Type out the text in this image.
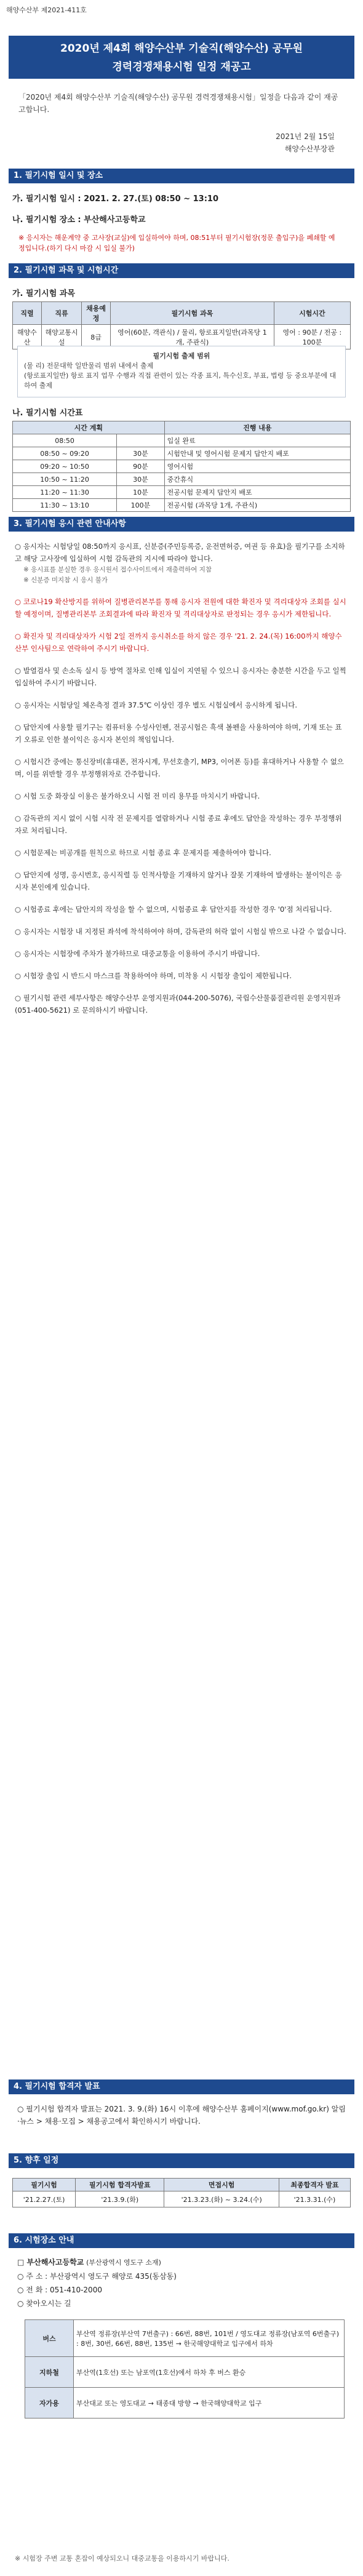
해양수산부 제2021-411호
2020년 제4회 해양수산부 기술직(해양수산) 공무원
경력경쟁채용시험 일정 재공고
「2020년 제4회 해양수산부 기술직(해양수산) 공무원 경력경쟁채용시험」일정을 다음과 같이 재공고합니다.
2021년 2월 15일
해양수산부장관
1. 필기시험 일시 및 장소
가. 필기시험 일시 : 2021. 2. 27.(토) 08:50 ~ 13:10
나. 필기시험 장소 : 부산해사고등학교
※ 응시자는 해운계약 중 고사장(교실)에 입실하여야 하며, 08:51부터 필기시험장(정문 출입구)을 폐쇄할 예정입니다.(하기 다시 마감 시 입실 불가)
2. 필기시험 과목 및 시험시간
가. 필기시험 과목
직렬	직류	채용예정	필기시험 과목	시험시간
해양수산	해양교통시설	8급	영어(60분, 객관식) / 물리, 항로표지일반(과목당 1개, 주관식)	영어 : 90분 / 전공 : 100분
필기시험 출제 범위
(물 리) 전문대학 일반물리 범위 내에서 출제
(항로표지일반) 항로 표지 업무 수행과 직접 관련이 있는 각종 표지, 특수신호, 부표, 법령 등 중요부분에 대하여 출제
나. 필기시험 시간표
시간 계획		진행 내용
08:50		입실 완료
08:50 ~ 09:20	30분	시험안내 및 영어시험 문제지 답안지 배포
09:20 ~ 10:50	90분	영어시험
10:50 ~ 11:20	30분	중간휴식
11:20 ~ 11:30	10분	전공시험 문제지 답안지 배포
11:30 ~ 13:10	100분	전공시험 (과목당 1개, 주관식)
3. 필기시험 응시 관련 안내사항
○ 응시자는 시험당일 08:50까지 응시표, 신분증(주민등록증, 운전면허증, 여권 등 유효)을 필기구를 소지하고 해당 고사장에 입실하여 시험 감독관의 지시에 따라야 합니다.
※ 응시표를 분실한 경우 응시원서 접수사이트에서 재출력하여 지참
※ 신분증 미지참 시 응시 불가
○ 코로나19 확산방지를 위하여 질병관리본부를 통해 응시자 전원에 대한 확진자 및 격리대상자 조회를 실시할 예정이며, 질병관리본부 조회결과에 따라 확진자 및 격리대상자로 판정되는 경우 응시가 제한됩니다.
○ 확진자 및 격리대상자가 시험 2일 전까지 응시취소를 하지 않은 경우 '21. 2. 24.(목) 16:00까지 해양수산부 인사팀으로 연락하여 주시기 바랍니다.
○ 발열검사 및 손소독 실시 등 방역 절차로 인해 입실이 지연될 수 있으니 응시자는 충분한 시간을 두고 일찍 입실하여 주시기 바랍니다.
○ 응시자는 시험당일 체온측정 결과 37.5℃ 이상인 경우 별도 시험실에서 응시하게 됩니다.
○ 답안지에 사용할 필기구는 컴퓨터용 수성사인펜, 전공시험은 흑색 볼펜을 사용하여야 하며, 기재 또는 표기 오류로 인한 불이익은 응시자 본인의 책임입니다.
○ 시험시간 중에는 통신장비(휴대폰, 전자시계, 무선호출기, MP3, 이어폰 등)를 휴대하거나 사용할 수 없으며, 이를 위반할 경우 부정행위자로 간주합니다.
○ 시험 도중 화장실 이용은 불가하오니 시험 전 미리 용무를 마치시기 바랍니다.
○ 감독관의 지시 없이 시험 시작 전 문제지를 열람하거나 시험 종료 후에도 답안을 작성하는 경우 부정행위자로 처리됩니다.
○ 시험문제는 비공개를 원칙으로 하므로 시험 종료 후 문제지를 제출하여야 합니다.
○ 답안지에 성명, 응시번호, 응시직렬 등 인적사항을 기재하지 않거나 잘못 기재하여 발생하는 불이익은 응시자 본인에게 있습니다.
○ 시험종료 후에는 답안지의 작성을 할 수 없으며, 시험종료 후 답안지를 작성한 경우 '0'점 처리됩니다.
○ 응시자는 시험장 내 지정된 좌석에 착석하여야 하며, 감독관의 허락 없이 시험실 밖으로 나갈 수 없습니다.
○ 응시자는 시험장에 주차가 불가하므로 대중교통을 이용하여 주시기 바랍니다.
○ 시험장 출입 시 반드시 마스크를 착용하여야 하며, 미착용 시 시험장 출입이 제한됩니다.
○ 필기시험 관련 세부사항은 해양수산부 운영지원과(044-200-5076), 국립수산물품질관리원 운영지원과(051-400-5621) 로 문의하시기 바랍니다.
4. 필기시험 합격자 발표
○ 필기시험 합격자 발표는 2021. 3. 9.(화) 16시 이후에 해양수산부 홈페이지(www.mof.go.kr) 알림·뉴스 > 채용·모집 > 채용공고에서 확인하시기 바랍니다.
5. 향후 일정
필기시험	필기시험 합격자발표	면접시험	최종합격자 발표
'21.2.27.(토)	'21.3.9.(화)	'21.3.23.(화) ~ 3.24.(수)	'21.3.31.(수)
6. 시험장소 안내
□ 부산해사고등학교 (부산광역시 영도구 소재)
○ 주 소 : 부산광역시 영도구 해양로 435(동삼동)
○ 전 화 : 051-410-2000
○ 찾아오시는 길
버스	부산역 정류장(부산역 7번출구) : 66번, 88번, 101번 / 영도대교 정류장(남포역 6번출구) : 8번, 30번, 66번, 88번, 135번 → 한국해양대학교 입구에서 하차
지하철	부산역(1호선) 또는 남포역(1호선)에서 하차 후 버스 환승
자가용	부산대교 또는 영도대교 → 태종대 방향 → 한국해양대학교 입구
※ 시험장 주변 교통 혼잡이 예상되오니 대중교통을 이용하시기 바랍니다.
